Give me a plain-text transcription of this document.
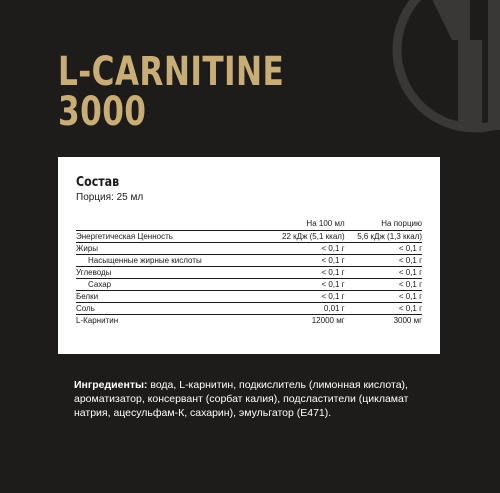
L-CARNITINE
3000
Состав
Порция: 25 мл
	На 100 мл	На порцию
Энергетическая Ценность	22 кДж (5,1 ккал)	5,6 кДж (1,3 ккал)
Жиры	< 0,1 г	< 0,1 г
Насыщенные жирные кислоты	< 0,1 г	< 0,1 г
Углеводы	< 0,1 г	< 0,1 г
Сахар	< 0,1 г	< 0,1 г
Белки	< 0,1 г	< 0,1 г
Соль	0,01 г	< 0,1 г
L-Карнитин	12000 мг	3000 мг
Ингредиенты: вода, L-карнитин, подкислитель (лимонная кислота), ароматизатор, консервант (сорбат калия), подсластители (цикламат натрия, ацесульфам-К, сахарин), эмульгатор (E471).
